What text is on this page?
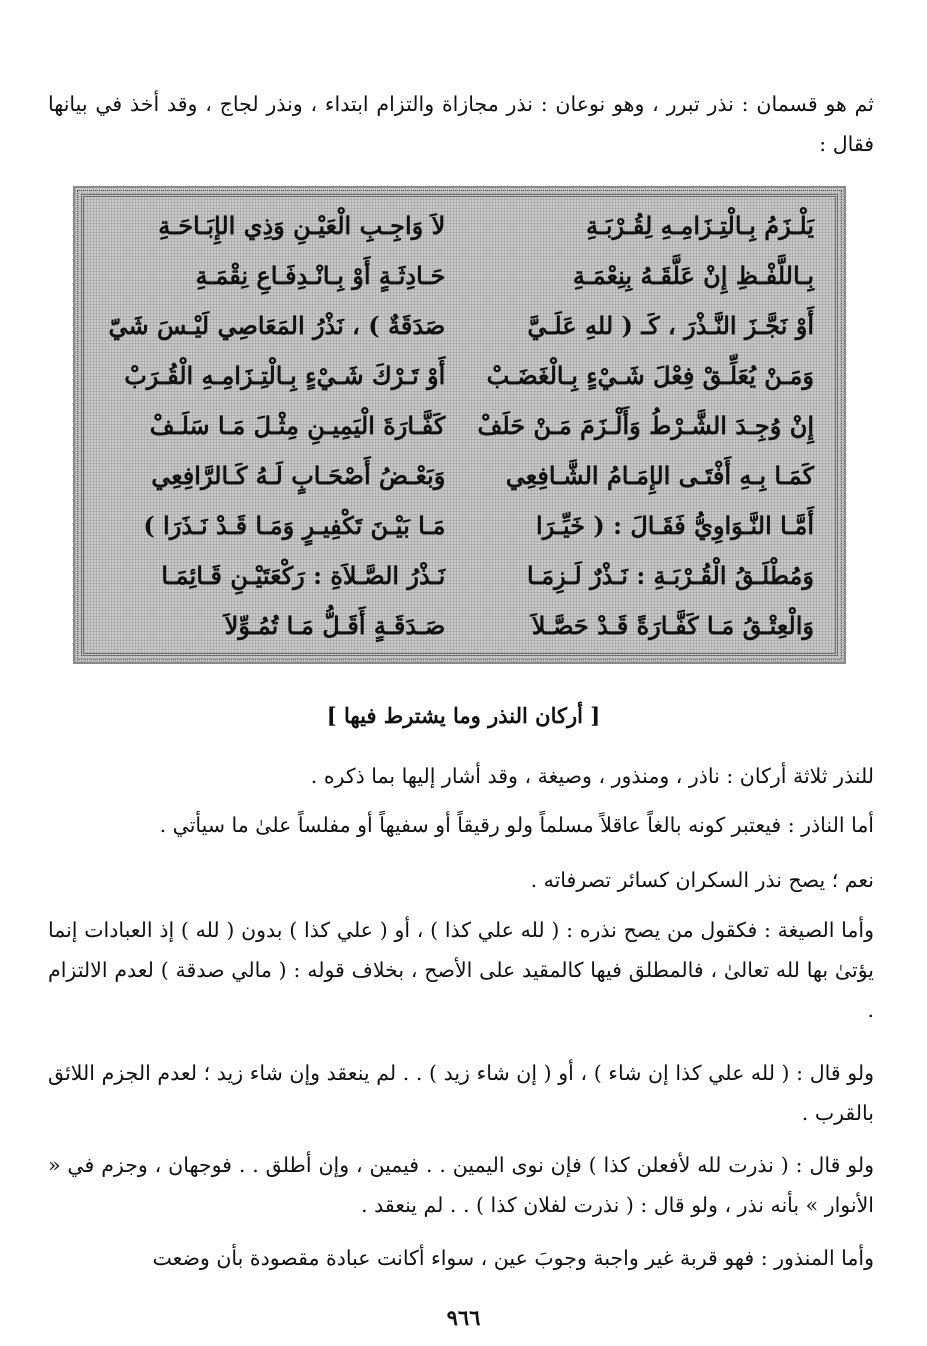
ثم هو قسمان : نذر تبرر ، وهو نوعان : نذر مجازاة والتزام ابتداء ، ونذر لجاج ، وقد أخذ في بيانها فقال :
يَلْـزَمُ بِـالْتِـزَامِـهِ لِقُـرْبَـةِ
لاَ وَاجِـبِ الْعَيْـنِ وَذِي الإِبَـاحَـةِ
بِـاللَّفْـظِ إِنْ عَلَّقَـهُ بِنِعْمَـةِ
حَـادِثَـةٍ أَوْ بِـانْـدِفَـاعِ نِقْمَـةِ
أَوْ نَجَّـزَ النَّـذْرَ ، كَـ ( للهِ عَلَـيَّ
صَدَقَةٌ ) ، نَذْرُ المَعَاصِي لَيْـسَ شَيّ
وَمَـنْ يُعَلِّـقْ فِعْلَ شَـيْءٍ بِـالْغَضَـبْ
أَوْ تَـرْكَ شَـيْءٍ بِـالْتِـزَامِـهِ الْقُـرَبْ
إِنْ وُجِـدَ الشَّـرْطُ وَأَلْـزَمَ مَـنْ حَلَفْ
كَفَّـارَةَ الْيَمِيـنِ مِثْـلَ مَـا سَلَـفْ
كَمَـا بِـهِ أَفْتَـى الإِمَـامُ الشَّـافِعِي
وَبَعْـضُ أَصْحَـابٍ لَـهُ كَـالرَّافِعِي
أَمَّـا النَّـوَاوِيُّ فَقَـالَ : ( خَيِّـرَا
مَـا بَيْـنَ تَكْفِيـرٍ وَمَـا قَـدْ نَـذَرَا )
وَمُطْلَـقُ الْقُـرْبَـةِ : نَـذْرٌ لَـزِمَـا
نَـذْرُ الصَّـلاَةِ : رَكْعَتَيْـنِ قَـائِمَـا
وَالْعِتْـقُ مَـا كَفَّـارَةً قَـدْ حَصَّـلاَ
صَـدَقَـةٍ أَقَـلُّ مَـا تُمُـوِّلاَ
[ أركان النذر وما يشترط فيها ]
للنذر ثلاثة أركان : ناذر ، ومنذور ، وصيغة ، وقد أشار إليها بما ذكره .
أما الناذر : فيعتبر كونه بالغاً عاقلاً مسلماً ولو رقيقاً أو سفيهاً أو مفلساً علىٰ ما سيأتي .
نعم ؛ يصح نذر السكران كسائر تصرفاته .
وأما الصيغة : فكقول من يصح نذره : ( لله علي كذا ) ، أو ( علي كذا ) بدون ( لله ) إذ العبادات إنما يؤتىٰ بها لله تعالىٰ ، فالمطلق فيها كالمقيد على الأصح ، بخلاف قوله : ( مالي صدقة ) لعدم الالتزام .
ولو قال : ( لله علي كذا إن شاء ) ، أو ( إن شاء زيد ) . . لم ينعقد وإن شاء زيد ؛ لعدم الجزم اللائق بالقرب .
ولو قال : ( نذرت لله لأفعلن كذا ) فإن نوى اليمين . . فيمين ، وإن أطلق . . فوجهان ، وجزم في « الأنوار » بأنه نذر ، ولو قال : ( نذرت لفلان كذا ) . . لم ينعقد .
وأما المنذور : فهو قربة غير واجبة وجوبَ عين ، سواء أكانت عبادة مقصودة بأن وضعت
٩٦٦
